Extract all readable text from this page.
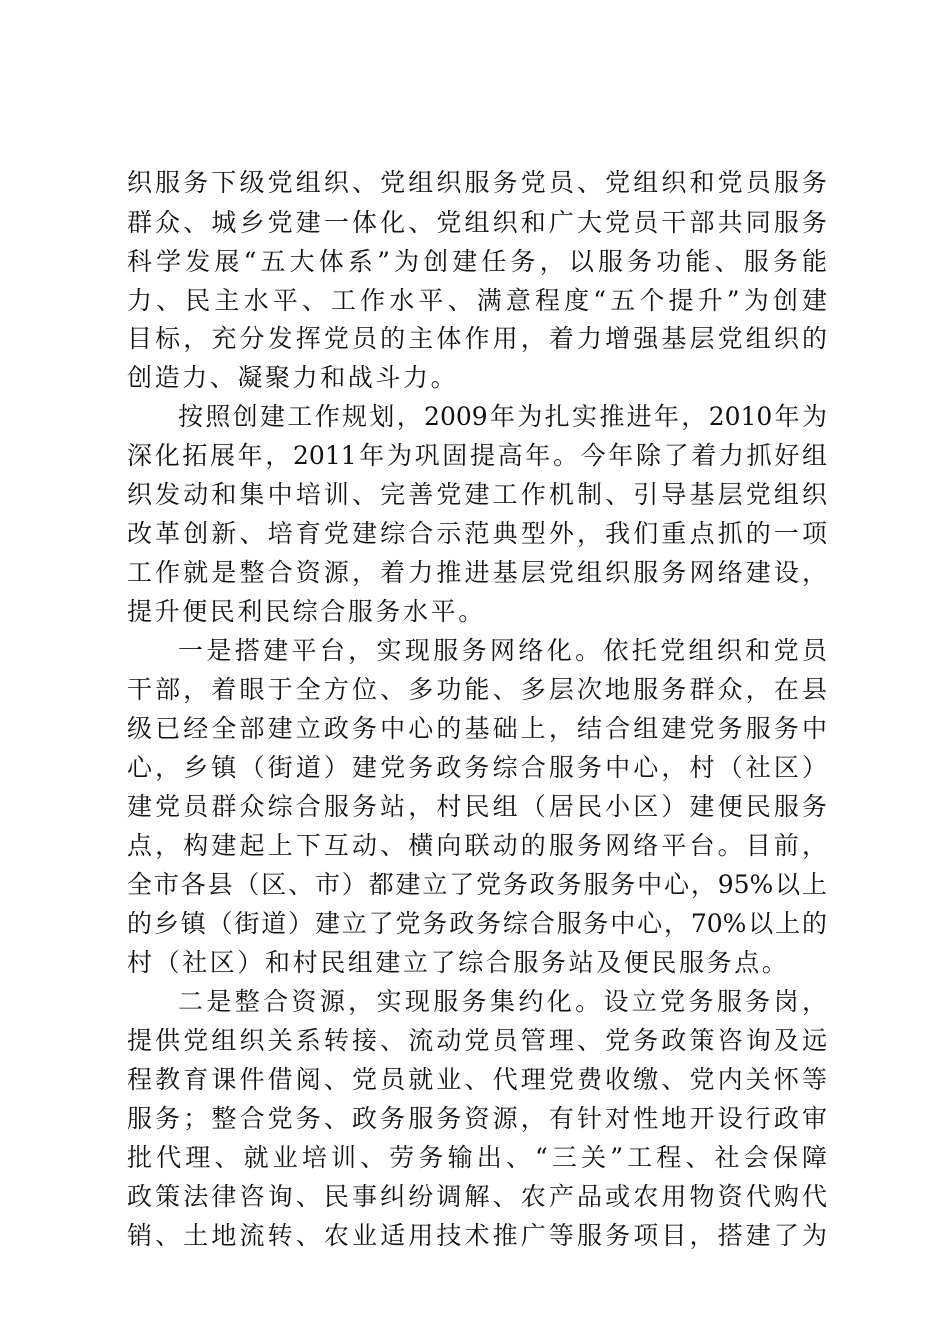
织服务下级党组织、党组织服务党员、党组织和党员服务
群众、城乡党建一体化、党组织和广大党员干部共同服务
科学发展“五大体系”为创建任务，以服务功能、服务能
力、民主水平、工作水平、满意程度“五个提升”为创建
目标，充分发挥党员的主体作用，着力增强基层党组织的
创造力、凝聚力和战斗力。
按照创建工作规划，2009年为扎实推进年，2010年为
深化拓展年，2011年为巩固提高年。今年除了着力抓好组
织发动和集中培训、完善党建工作机制、引导基层党组织
改革创新、培育党建综合示范典型外，我们重点抓的一项
工作就是整合资源，着力推进基层党组织服务网络建设，
提升便民利民综合服务水平。
一是搭建平台，实现服务网络化。依托党组织和党员
干部，着眼于全方位、多功能、多层次地服务群众，在县
级已经全部建立政务中心的基础上，结合组建党务服务中
心，乡镇（街道）建党务政务综合服务中心，村（社区）
建党员群众综合服务站，村民组（居民小区）建便民服务
点，构建起上下互动、横向联动的服务网络平台。目前，
全市各县（区、市）都建立了党务政务服务中心，95%以上
的乡镇（街道）建立了党务政务综合服务中心，70%以上的
村（社区）和村民组建立了综合服务站及便民服务点。
二是整合资源，实现服务集约化。设立党务服务岗，
提供党组织关系转接、流动党员管理、党务政策咨询及远
程教育课件借阅、党员就业、代理党费收缴、党内关怀等
服务；整合党务、政务服务资源，有针对性地开设行政审
批代理、就业培训、劳务输出、“三关”工程、社会保障
政策法律咨询、民事纠纷调解、农产品或农用物资代购代
销、土地流转、农业适用技术推广等服务项目，搭建了为
